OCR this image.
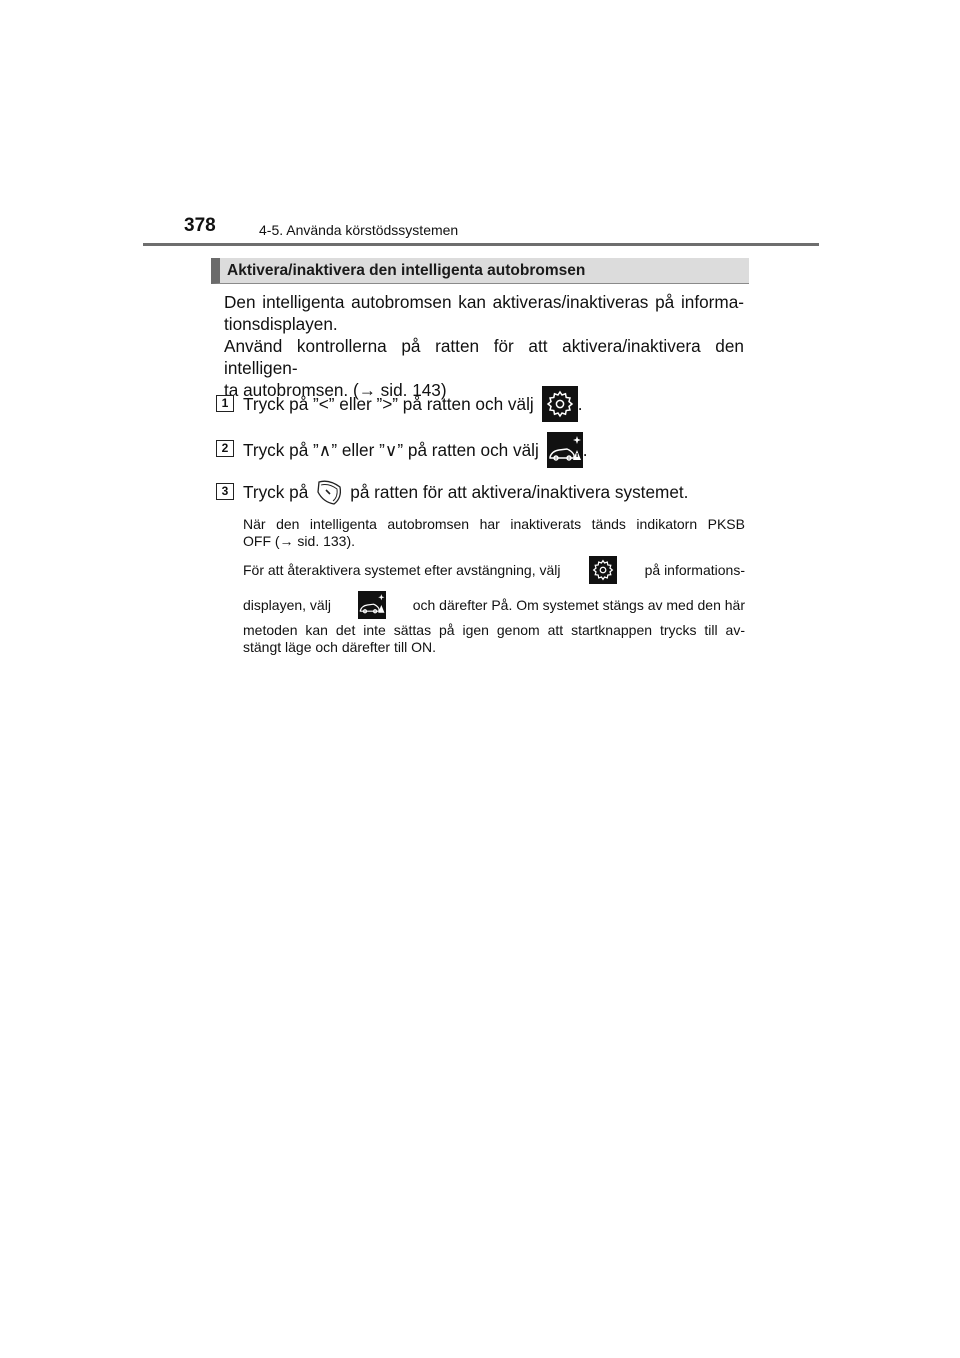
378	4-5. Använda körstödssystemen
Aktivera/inaktivera den intelligenta autobromsen
Den intelligenta autobromsen kan aktiveras/inaktiveras på informa-
tionsdisplayen.
Använd kontrollerna på ratten för att aktivera/inaktivera den intelligen-
ta autobromsen. (→ sid. 143)
1 Tryck på ”<” eller ”>” på ratten och välj	.
2 Tryck på ”∧” eller ”∨” på ratten och välj	.
3 Tryck på på ratten för att aktivera/inaktivera systemet.
När den intelligenta autobromsen har inaktiverats tänds indikatorn PKSB
OFF (→ sid. 133).
För att återaktivera systemet efter avstängning, välj	på informations-
displayen, välj	och därefter På. Om systemet stängs av med den här
metoden kan det inte sättas på igen genom att startknappen trycks till av-
stängt läge och därefter till ON.
